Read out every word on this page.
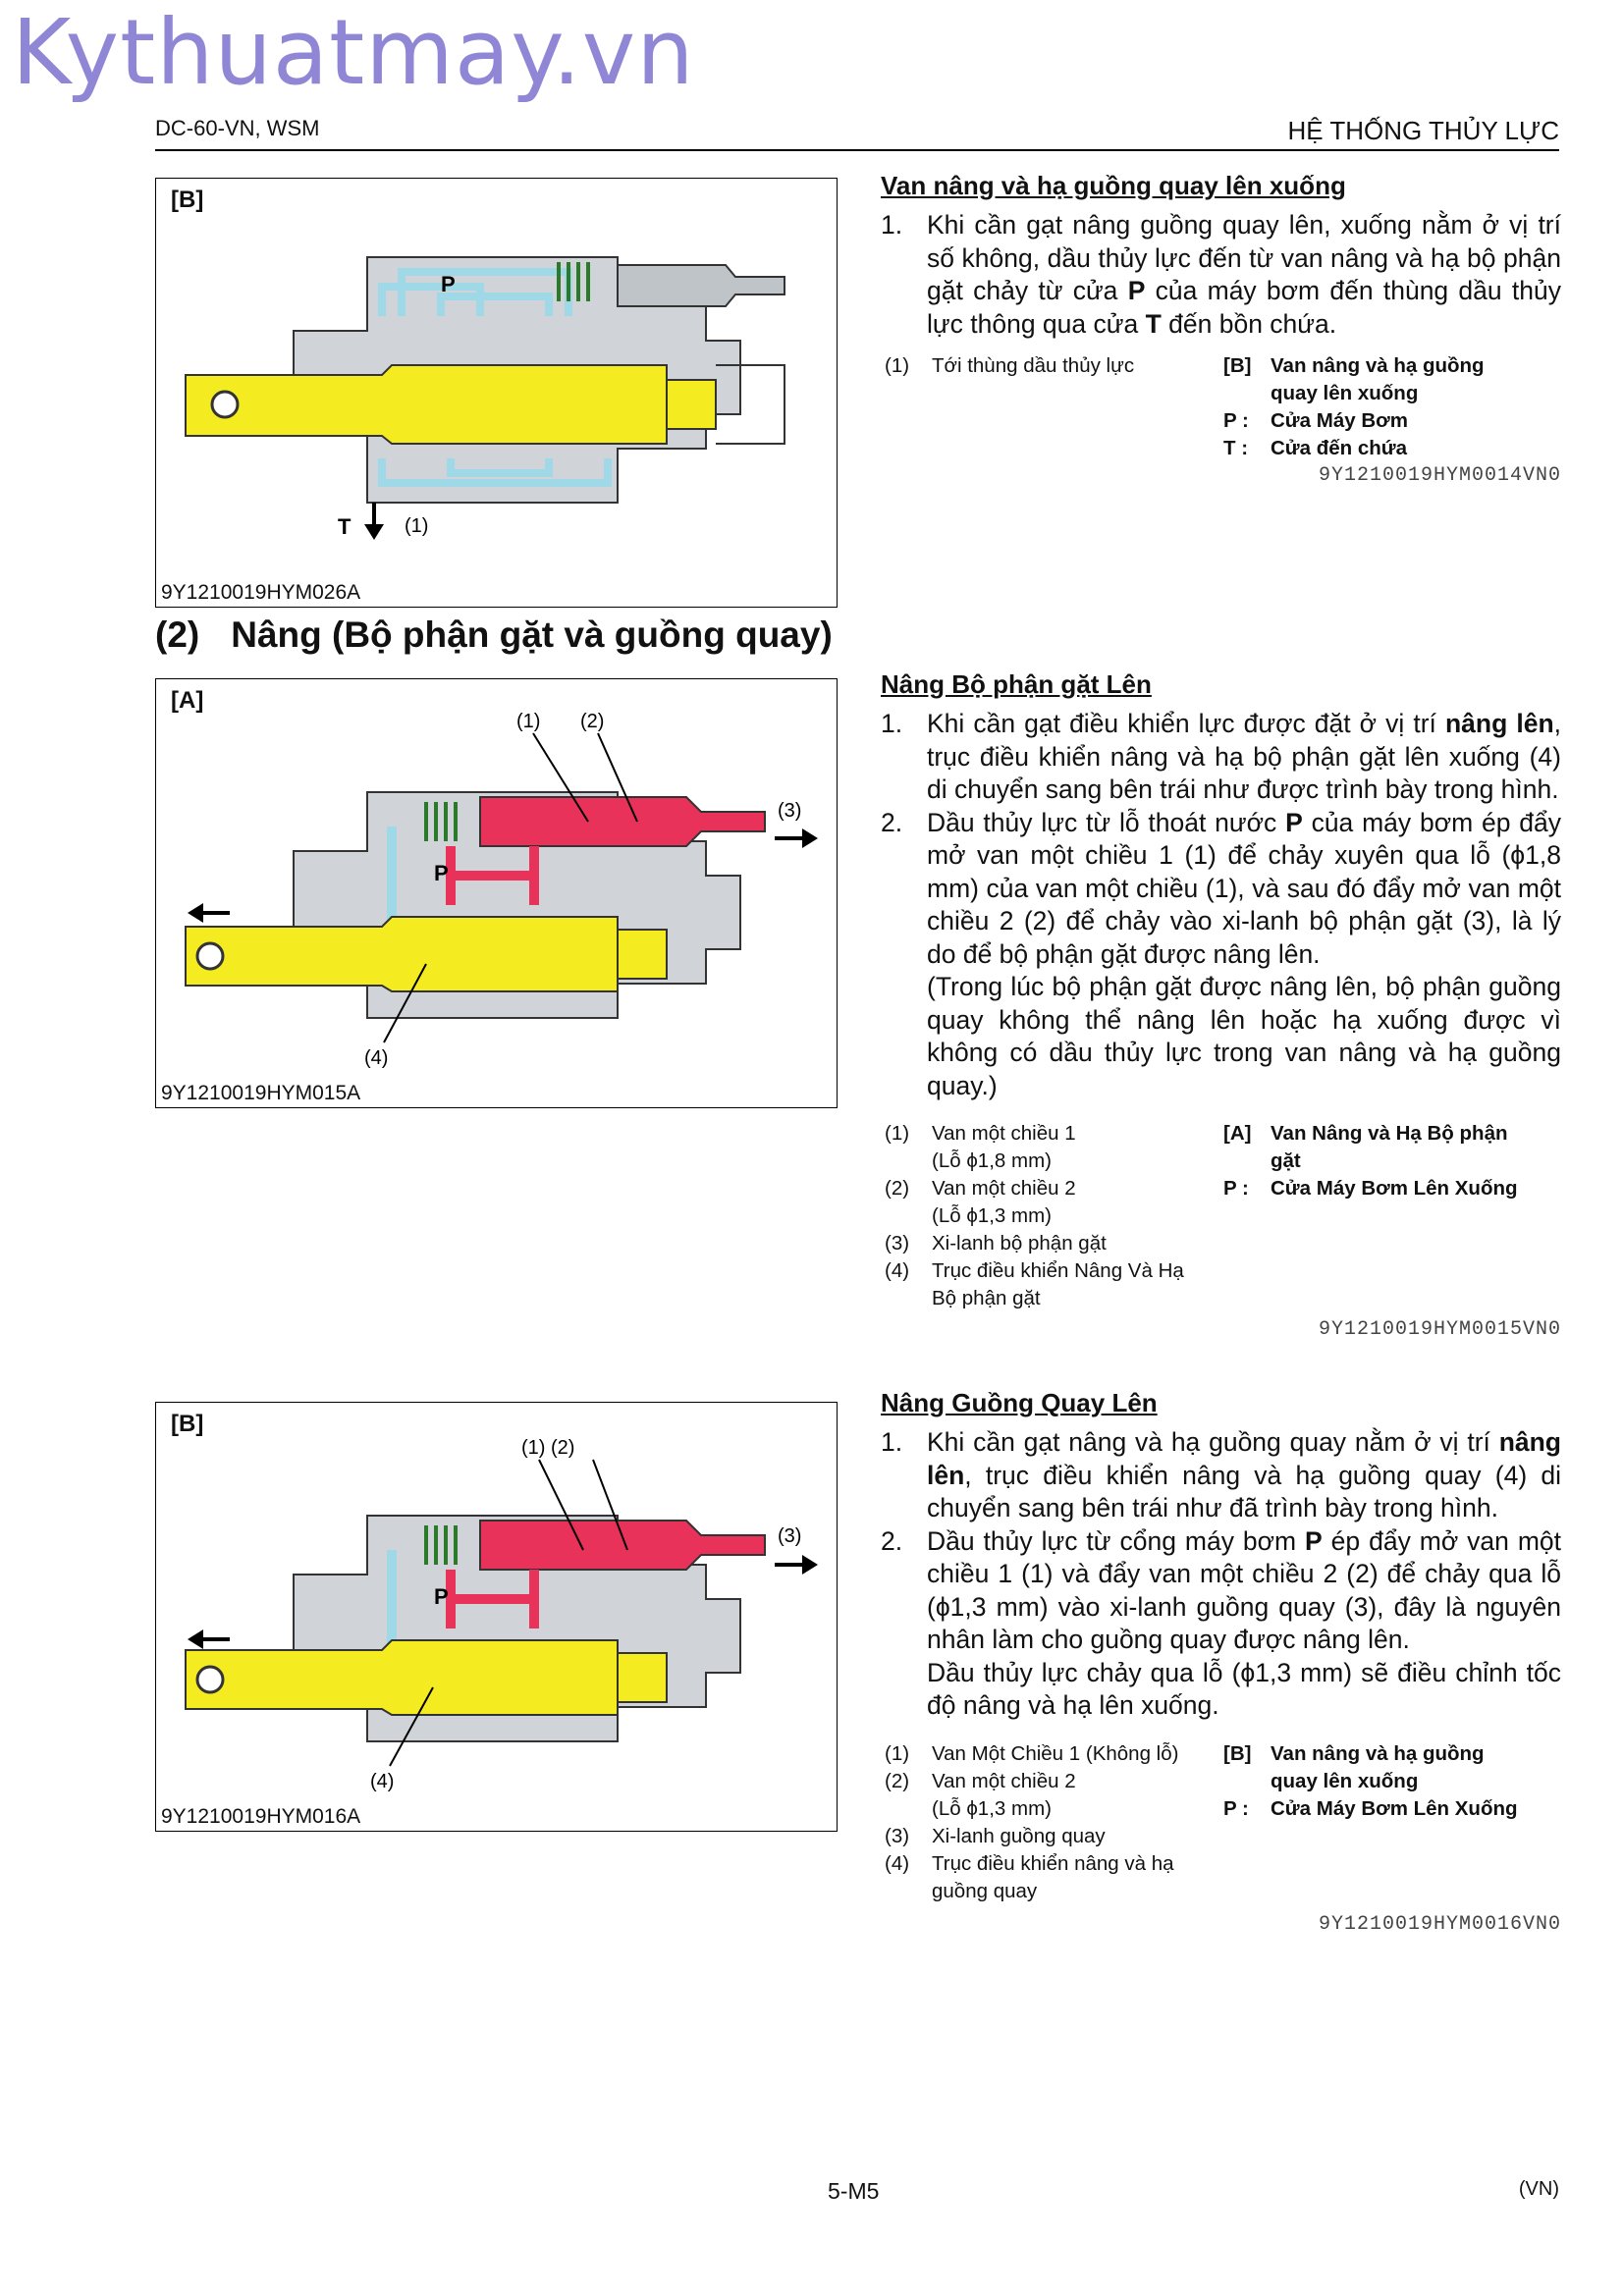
Kythuatmay.vn
DC-60-VN, WSM	HỆ THỐNG THỦY LỰC
[B]
P
T	(1)
9Y1210019HYM026A
Van nâng và hạ guồng quay lên xuống
1. Khi cần gạt nâng guồng quay lên, xuống nằm ở vị trí số không, dầu thủy lực đến từ van nâng và hạ bộ phận gặt chảy từ cửa P của máy bơm đến thùng dầu thủy lực thông qua cửa T đến bồn chứa.
(1) Tới thùng dầu thủy lực	[B] Van nâng và hạ guồng quay lên xuống
P : Cửa Máy Bơm
T : Cửa đến chứa
9Y1210019HYM0014VN0
(2) Nâng (Bộ phận gặt và guồng quay)
[A]
P
(1) (2)
(3)
(4)
9Y1210019HYM015A
Nâng Bộ phận gặt Lên
1. Khi cần gạt điều khiển lực được đặt ở vị trí nâng lên, trục điều khiển nâng và hạ bộ phận gặt lên xuống (4) di chuyển sang bên trái như được trình bày trong hình.
2. Dầu thủy lực từ lỗ thoát nước P của máy bơm ép đẩy mở van một chiều 1 (1) để chảy xuyên qua lỗ (ϕ1,8 mm) của van một chiều (1), và sau đó đẩy mở van một chiều 2 (2) để chảy vào xi-lanh bộ phận gặt (3), là lý do để bộ phận gặt được nâng lên.
(Trong lúc bộ phận gặt được nâng lên, bộ phận guồng quay không thể nâng lên hoặc hạ xuống được vì không có dầu thủy lực trong van nâng và hạ guồng quay.)
(1) Van một chiều 1
(Lỗ ϕ1,8 mm)
(2) Van một chiều 2
(Lỗ ϕ1,3 mm)
(3) Xi-lanh bộ phận gặt
(4) Trục điều khiển Nâng Và Hạ
Bộ phận gặt
[A] Van Nâng và Hạ Bộ phận gặt
P : Cửa Máy Bơm Lên Xuống
9Y1210019HYM0015VN0
[B]
P
(1) (2)
(3)
(4)
9Y1210019HYM016A
Nâng Guồng Quay Lên
1. Khi cần gạt nâng và hạ guồng quay nằm ở vị trí nâng lên, trục điều khiển nâng và hạ guồng quay (4) di chuyển sang bên trái như đã trình bày trong hình.
2. Dầu thủy lực từ cổng máy bơm P ép đẩy mở van một chiều 1 (1) và đẩy van một chiều 2 (2) để chảy qua lỗ (ϕ1,3 mm) vào xi-lanh guồng quay (3), đây là nguyên nhân làm cho guồng quay được nâng lên.
Dầu thủy lực chảy qua lỗ (ϕ1,3 mm) sẽ điều chỉnh tốc độ nâng và hạ lên xuống.
(1) Van Một Chiều 1 (Không lỗ)
(2) Van một chiều 2
(Lỗ ϕ1,3 mm)
(3) Xi-lanh guồng quay
(4) Trục điều khiển nâng và hạ
guồng quay
[B] Van nâng và hạ guồng quay lên xuống
P : Cửa Máy Bơm Lên Xuống
9Y1210019HYM0016VN0
5-M5	(VN)
